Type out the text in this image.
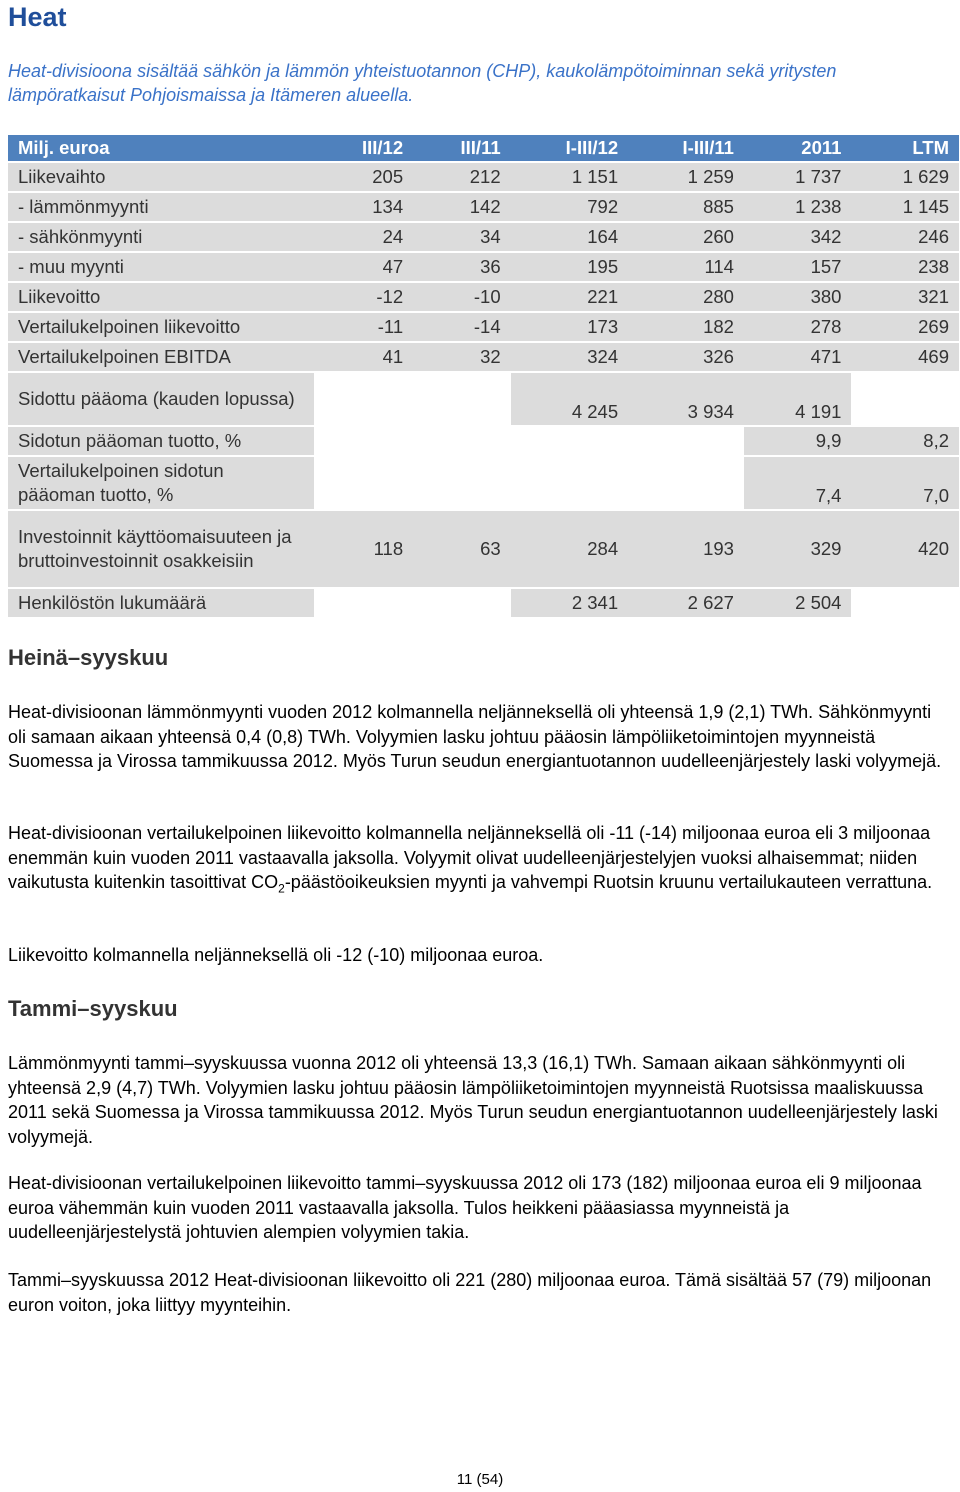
Heat

Heat-divisioona sisältää sähkön ja lämmön yhteistuotannon (CHP), kaukolämpötoiminnan sekä yritysten lämpöratkaisut Pohjoismaissa ja Itämeren alueella.

Milj. euroa	III/12	III/11	I-III/12	I-III/11	2011	LTM
Liikevaihto	205	212	1 151	1 259	1 737	1 629
- lämmönmyynti	134	142	792	885	1 238	1 145
- sähkönmyynti	24	34	164	260	342	246
- muu myynti	47	36	195	114	157	238
Liikevoitto	-12	-10	221	280	380	321
Vertailukelpoinen liikevoitto	-11	-14	173	182	278	269
Vertailukelpoinen EBITDA	41	32	324	326	471	469
Sidottu pääoma (kauden lopussa)			4 245	3 934	4 191	
Sidotun pääoman tuotto, %					9,9	8,2
Vertailukelpoinen sidotun pääoman tuotto, %					7,4	7,0
Investoinnit käyttöomaisuuteen ja bruttoinvestoinnit osakkeisiin	118	63	284	193	329	420
Henkilöstön lukumäärä			2 341	2 627	2 504	
Heinä–syyskuu

Heat-divisioonan lämmönmyynti vuoden 2012 kolmannella neljänneksellä oli yhteensä 1,9 (2,1) TWh. Sähkönmyynti oli samaan aikaan yhteensä 0,4 (0,8) TWh. Volyymien lasku johtuu pääosin lämpöliiketoimintojen myynneistä Suomessa ja Virossa tammikuussa 2012. Myös Turun seudun energiantuotannon uudelleenjärjestely laski volyymejä.

Heat-divisioonan vertailukelpoinen liikevoitto kolmannella neljänneksellä oli -11 (-14) miljoonaa euroa eli 3 miljoonaa enemmän kuin vuoden 2011 vastaavalla jaksolla. Volyymit olivat uudelleenjärjestelyjen vuoksi alhaisemmat; niiden vaikutusta kuitenkin tasoittivat $CO_2$-päästöoikeuksien myynti ja vahvempi Ruotsin kruunu vertailukauteen verrattuna.

Liikevoitto kolmannella neljänneksellä oli -12 (-10) miljoonaa euroa.

Tammi–syyskuu

Lämmönmyynti tammi–syyskuussa vuonna 2012 oli yhteensä 13,3 (16,1) TWh. Samaan aikaan sähkönmyynti oli yhteensä 2,9 (4,7) TWh. Volyymien lasku johtuu pääosin lämpöliiketoimintojen myynneistä Ruotsissa maaliskuussa 2011 sekä Suomessa ja Virossa tammikuussa 2012. Myös Turun seudun energiantuotannon uudelleenjärjestely laski volyymejä.

Heat-divisioonan vertailukelpoinen liikevoitto tammi–syyskuussa 2012 oli 173 (182) miljoonaa euroa eli 9 miljoonaa euroa vähemmän kuin vuoden 2011 vastaavalla jaksolla. Tulos heikkeni pääasiassa myynneistä ja uudelleenjärjestelystä johtuvien alempien volyymien takia.

Tammi–syyskuussa 2012 Heat-divisioonan liikevoitto oli 221 (280) miljoonaa euroa. Tämä sisältää 57 (79) miljoonan euron voiton, joka liittyy myynteihin.

11 (54)
